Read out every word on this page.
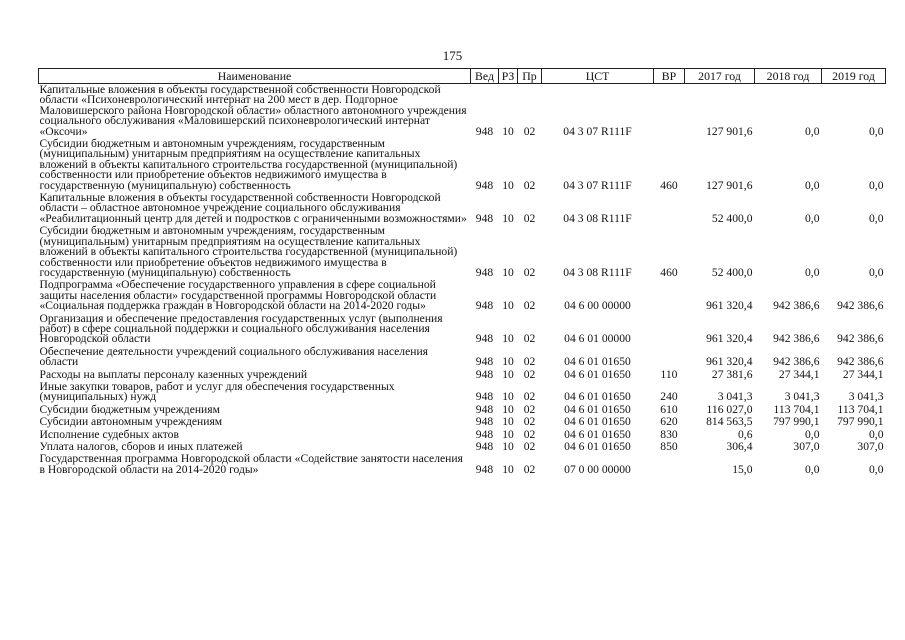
175
Наименование	Вед	РЗ	Пр	ЦСТ	ВР	2017 год	2018 год	2019 год
Капитальные вложения в объекты государственной собственности Новгородской области «Психоневрологический интернат на 200 мест в дер. Подгорное Маловишерского района Новгородской области» областного автономного учреждения социального обслуживания «Маловишерский психоневрологический интернат «Оксочи»	948	10	02	04 3 07 R111F		127 901,6	0,0	0,0
Субсидии бюджетным и автономным учреждениям, государственным (муниципальным) унитарным предприятиям на осуществление капитальных вложений в объекты капитального строительства государственной (муниципальной) собственности или приобретение объектов недвижимого имущества в государственную (муниципальную) собственность	948	10	02	04 3 07 R111F	460	127 901,6	0,0	0,0
Капитальные вложения в объекты государственной собственности Новгородской области – областное автономное учреждение социального обслуживания «Реабилитационный центр для детей и подростков с ограниченными возможностями»	948	10	02	04 3 08 R111F		52 400,0	0,0	0,0
Субсидии бюджетным и автономным учреждениям, государственным (муниципальным) унитарным предприятиям на осуществление капитальных вложений в объекты капитального строительства государственной (муниципальной) собственности или приобретение объектов недвижимого имущества в государственную (муниципальную) собственность	948	10	02	04 3 08 R111F	460	52 400,0	0,0	0,0
Подпрограмма «Обеспечение государственного управления в сфере социальной защиты населения области» государственной программы Новгородской области «Социальная поддержка граждан в Новгородской области на 2014-2020 годы»	948	10	02	04 6 00 00000		961 320,4	942 386,6	942 386,6
Организация и обеспечение предоставления государственных услуг (выполнения работ) в сфере социальной поддержки и социального обслуживания населения Новгородской области	948	10	02	04 6 01 00000		961 320,4	942 386,6	942 386,6
Обеспечение деятельности учреждений социального обслуживания населения области	948	10	02	04 6 01 01650		961 320,4	942 386,6	942 386,6
Расходы на выплаты персоналу казенных учреждений	948	10	02	04 6 01 01650	110	27 381,6	27 344,1	27 344,1
Иные закупки товаров, работ и услуг для обеспечения государственных (муниципальных) нужд	948	10	02	04 6 01 01650	240	3 041,3	3 041,3	3 041,3
Субсидии бюджетным учреждениям	948	10	02	04 6 01 01650	610	116 027,0	113 704,1	113 704,1
Субсидии автономным учреждениям	948	10	02	04 6 01 01650	620	814 563,5	797 990,1	797 990,1
Исполнение судебных актов	948	10	02	04 6 01 01650	830	0,6	0,0	0,0
Уплата налогов, сборов и иных платежей	948	10	02	04 6 01 01650	850	306,4	307,0	307,0
Государственная программа Новгородской области «Содействие занятости населения в Новгородской области на 2014-2020 годы»	948	10	02	07 0 00 00000		15,0	0,0	0,0
